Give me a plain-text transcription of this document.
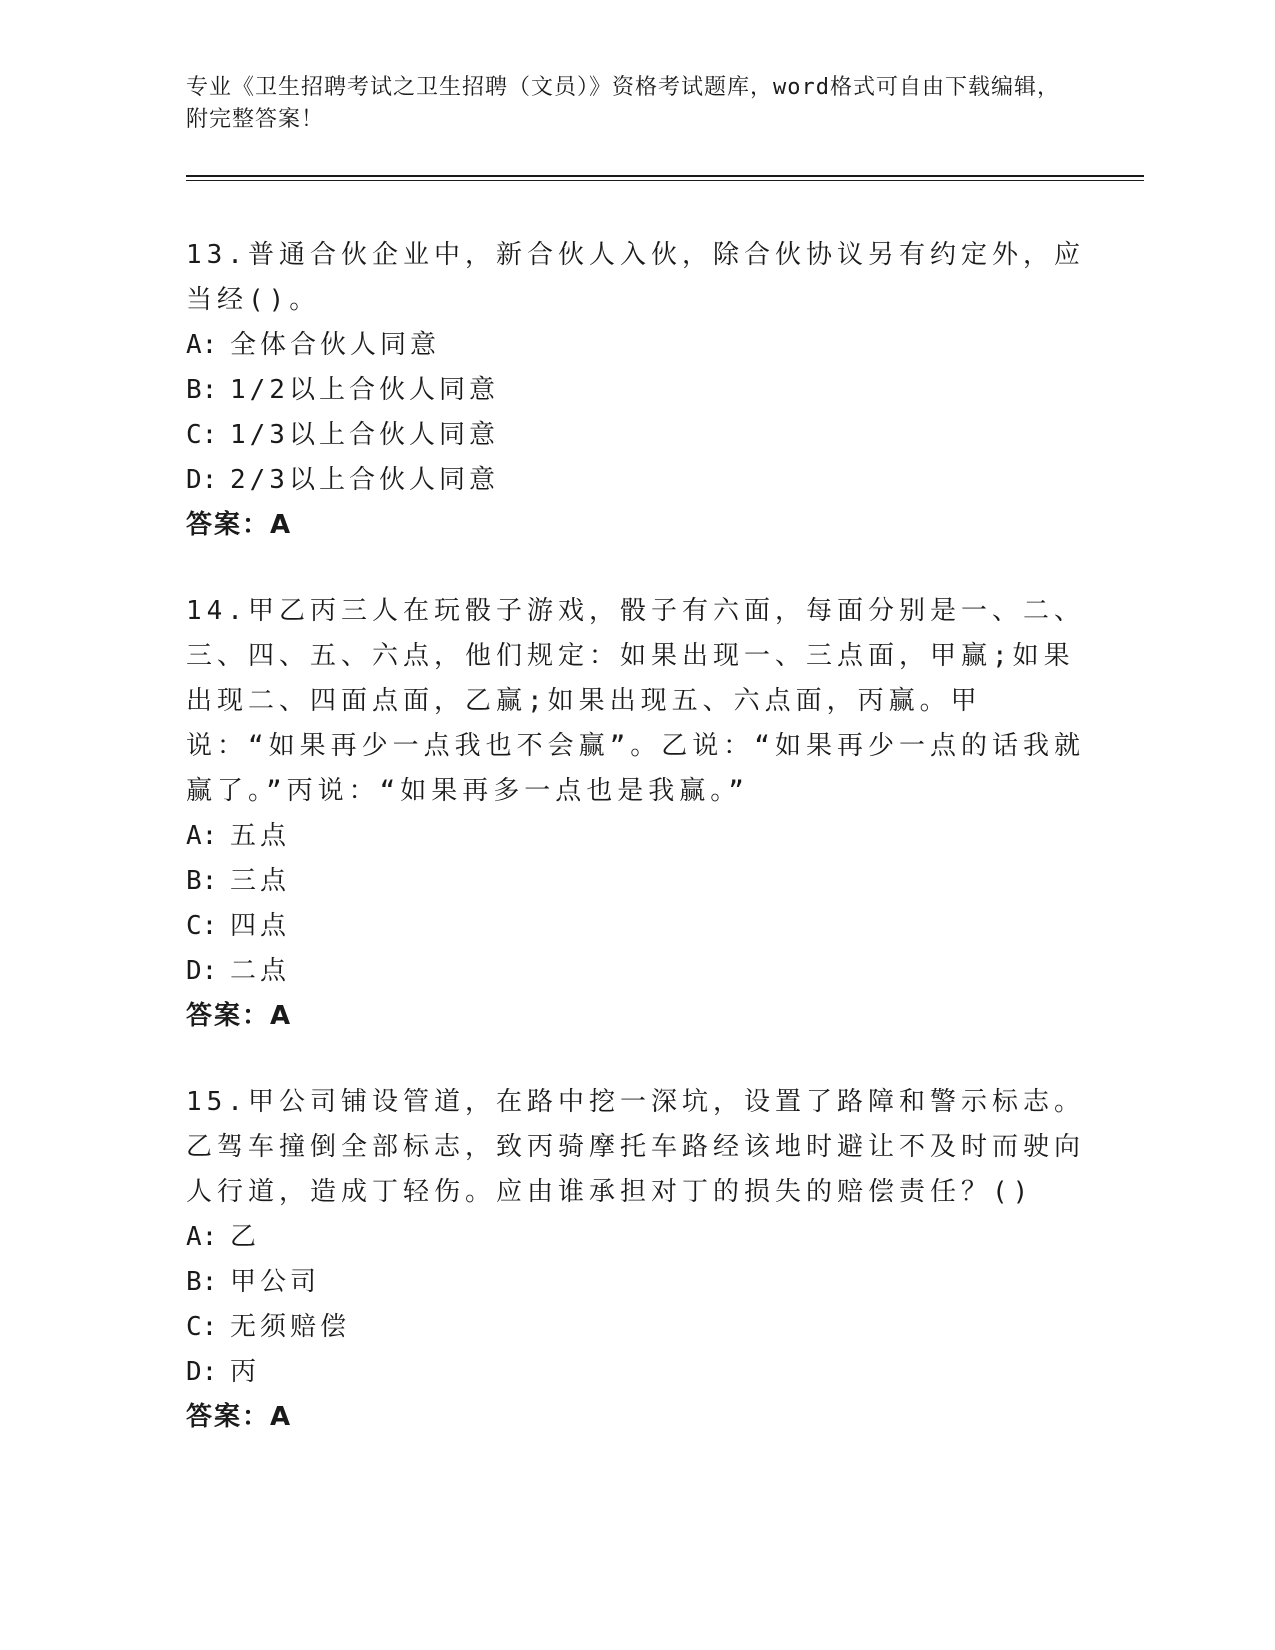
专业《卫生招聘考试之卫生招聘（文员）》资格考试题库，word格式可自由下载编辑，附完整答案！
13.普通合伙企业中，新合伙人入伙，除合伙协议另有约定外，应当经()。
A: 全体合伙人同意
B: 1/2以上合伙人同意
C: 1/3以上合伙人同意
D: 2/3以上合伙人同意
答案：A
14.甲乙丙三人在玩骰子游戏，骰子有六面，每面分别是一、二、三、四、五、六点，他们规定：如果出现一、三点面，甲赢;如果出现二、四面点面，乙赢;如果出现五、六点面，丙赢。甲说：“如果再少一点我也不会赢”。乙说：“如果再少一点的话我就赢了。”丙说：“如果再多一点也是我赢。”
A: 五点
B: 三点
C: 四点
D: 二点
答案：A
15.甲公司铺设管道，在路中挖一深坑，设置了路障和警示标志。乙驾车撞倒全部标志，致丙骑摩托车路经该地时避让不及时而驶向人行道，造成丁轻伤。应由谁承担对丁的损失的赔偿责任？()
A: 乙
B: 甲公司
C: 无须赔偿
D: 丙
答案：A
